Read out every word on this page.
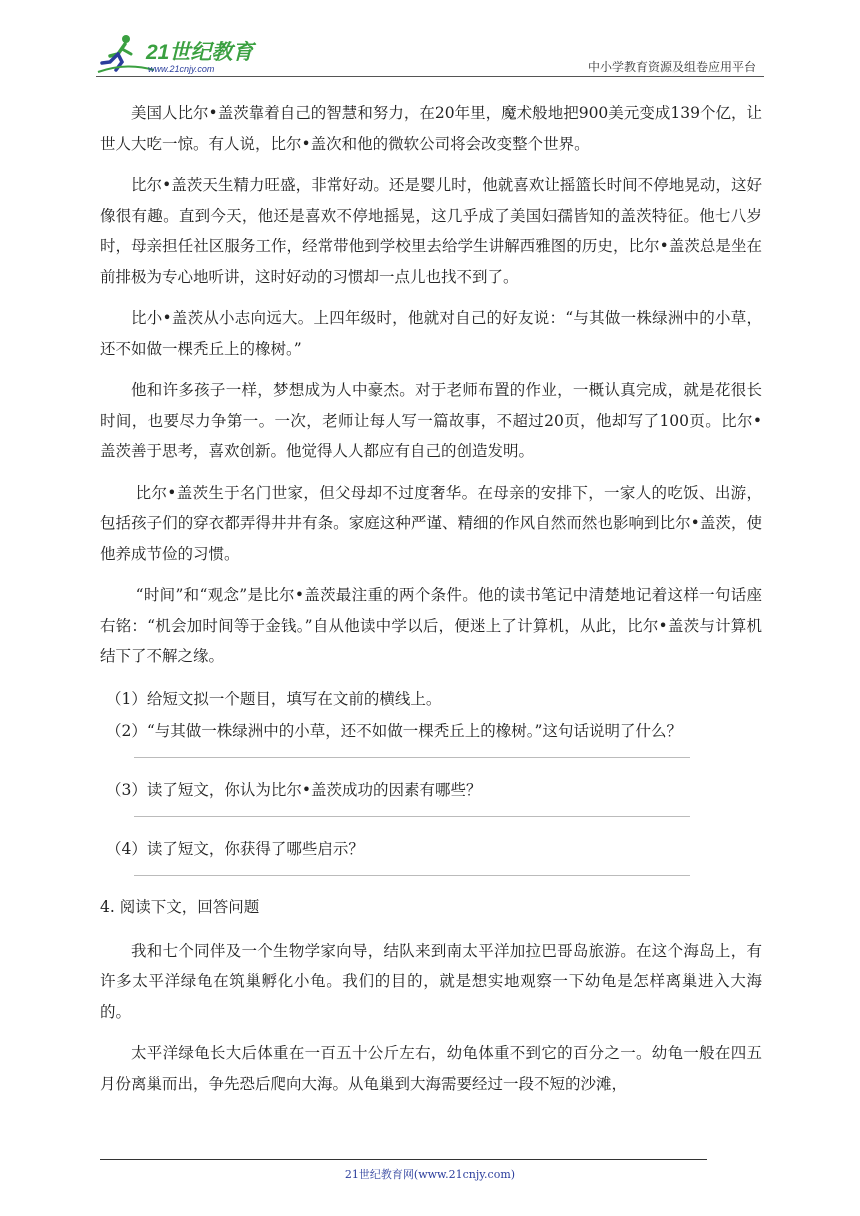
21世纪教育
www.21cnjy.com	中小学教育资源及组卷应用平台

美国人比尔•盖茨靠着自己的智慧和努力，在20年里，魔术般地把900美元变成139个亿，让世人大吃一惊。有人说，比尔•盖次和他的微软公司将会改变整个世界。

比尔•盖茨天生精力旺盛，非常好动。还是婴儿时，他就喜欢让摇篮长时间不停地晃动，这好像很有趣。直到今天，他还是喜欢不停地摇晃，这几乎成了美国妇孺皆知的盖茨特征。他七八岁时，母亲担任社区服务工作，经常带他到学校里去给学生讲解西雅图的历史，比尔•盖茨总是坐在前排极为专心地听讲，这时好动的习惯却一点儿也找不到了。

比小•盖茨从小志向远大。上四年级时，他就对自己的好友说：“与其做一株绿洲中的小草，还不如做一棵秃丘上的橡树。”

他和许多孩子一样，梦想成为人中豪杰。对于老师布置的作业，一概认真完成，就是花很长时间，也要尽力争第一。一次，老师让每人写一篇故事，不超过20页，他却写了100页。比尔•盖茨善于思考，喜欢创新。他觉得人人都应有自己的创造发明。

比尔•盖茨生于名门世家，但父母却不过度奢华。在母亲的安排下，一家人的吃饭、出游，包括孩子们的穿衣都弄得井井有条。家庭这种严谨、精细的作风自然而然也影响到比尔•盖茨，使他养成节俭的习惯。

“时间”和“观念”是比尔•盖茨最注重的两个条件。他的读书笔记中清楚地记着这样一句话座右铭：“机会加时间等于金钱。”自从他读中学以后，便迷上了计算机，从此，比尔•盖茨与计算机结下了不解之缘。

（1）给短文拟一个题目，填写在文前的横线上。

（2）“与其做一株绿洲中的小草，还不如做一棵秃丘上的橡树。”这句话说明了什么？

（3）读了短文，你认为比尔•盖茨成功的因素有哪些？

（4）读了短文，你获得了哪些启示？

4. 阅读下文，回答问题

我和七个同伴及一个生物学家向导，结队来到南太平洋加拉巴哥岛旅游。在这个海岛上，有许多太平洋绿龟在筑巢孵化小龟。我们的目的，就是想实地观察一下幼龟是怎样离巢进入大海的。

太平洋绿龟长大后体重在一百五十公斤左右，幼龟体重不到它的百分之一。幼龟一般在四五月份离巢而出，争先恐后爬向大海。从龟巢到大海需要经过一段不短的沙滩，

21世纪教育网(www.21cnjy.com)
